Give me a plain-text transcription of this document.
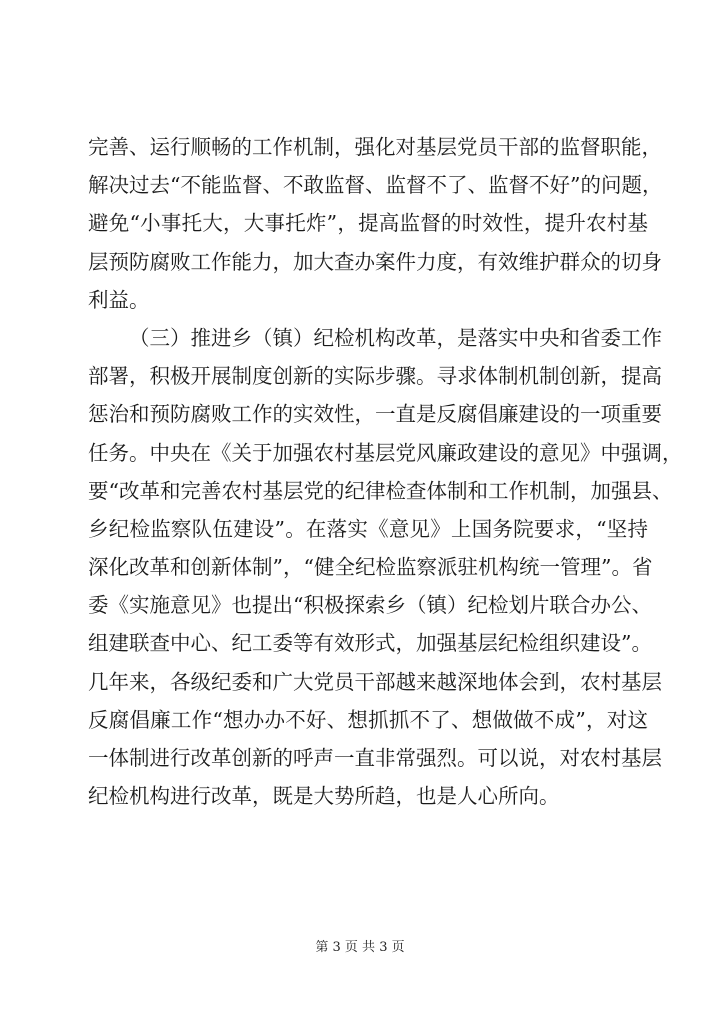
完善、运行顺畅的工作机制，强化对基层党员干部的监督职能，
解决过去“不能监督、不敢监督、监督不了、监督不好”的问题，
避免“小事托大，大事托炸”，提高监督的时效性，提升农村基
层预防腐败工作能力，加大查办案件力度，有效维护群众的切身
利益。
（三）推进乡（镇）纪检机构改革，是落实中央和省委工作
部署，积极开展制度创新的实际步骤。寻求体制机制创新，提高
惩治和预防腐败工作的实效性，一直是反腐倡廉建设的一项重要
任务。中央在《关于加强农村基层党风廉政建设的意见》中强调，
要“改革和完善农村基层党的纪律检查体制和工作机制，加强县、
乡纪检监察队伍建设”。在落实《意见》上国务院要求，“坚持
深化改革和创新体制”，“健全纪检监察派驻机构统一管理”。省
委《实施意见》也提出“积极探索乡（镇）纪检划片联合办公、
组建联查中心、纪工委等有效形式，加强基层纪检组织建设”。
几年来，各级纪委和广大党员干部越来越深地体会到，农村基层
反腐倡廉工作“想办办不好、想抓抓不了、想做做不成”，对这
一体制进行改革创新的呼声一直非常强烈。可以说，对农村基层
纪检机构进行改革，既是大势所趋，也是人心所向。
第 3 页 共 3 页
